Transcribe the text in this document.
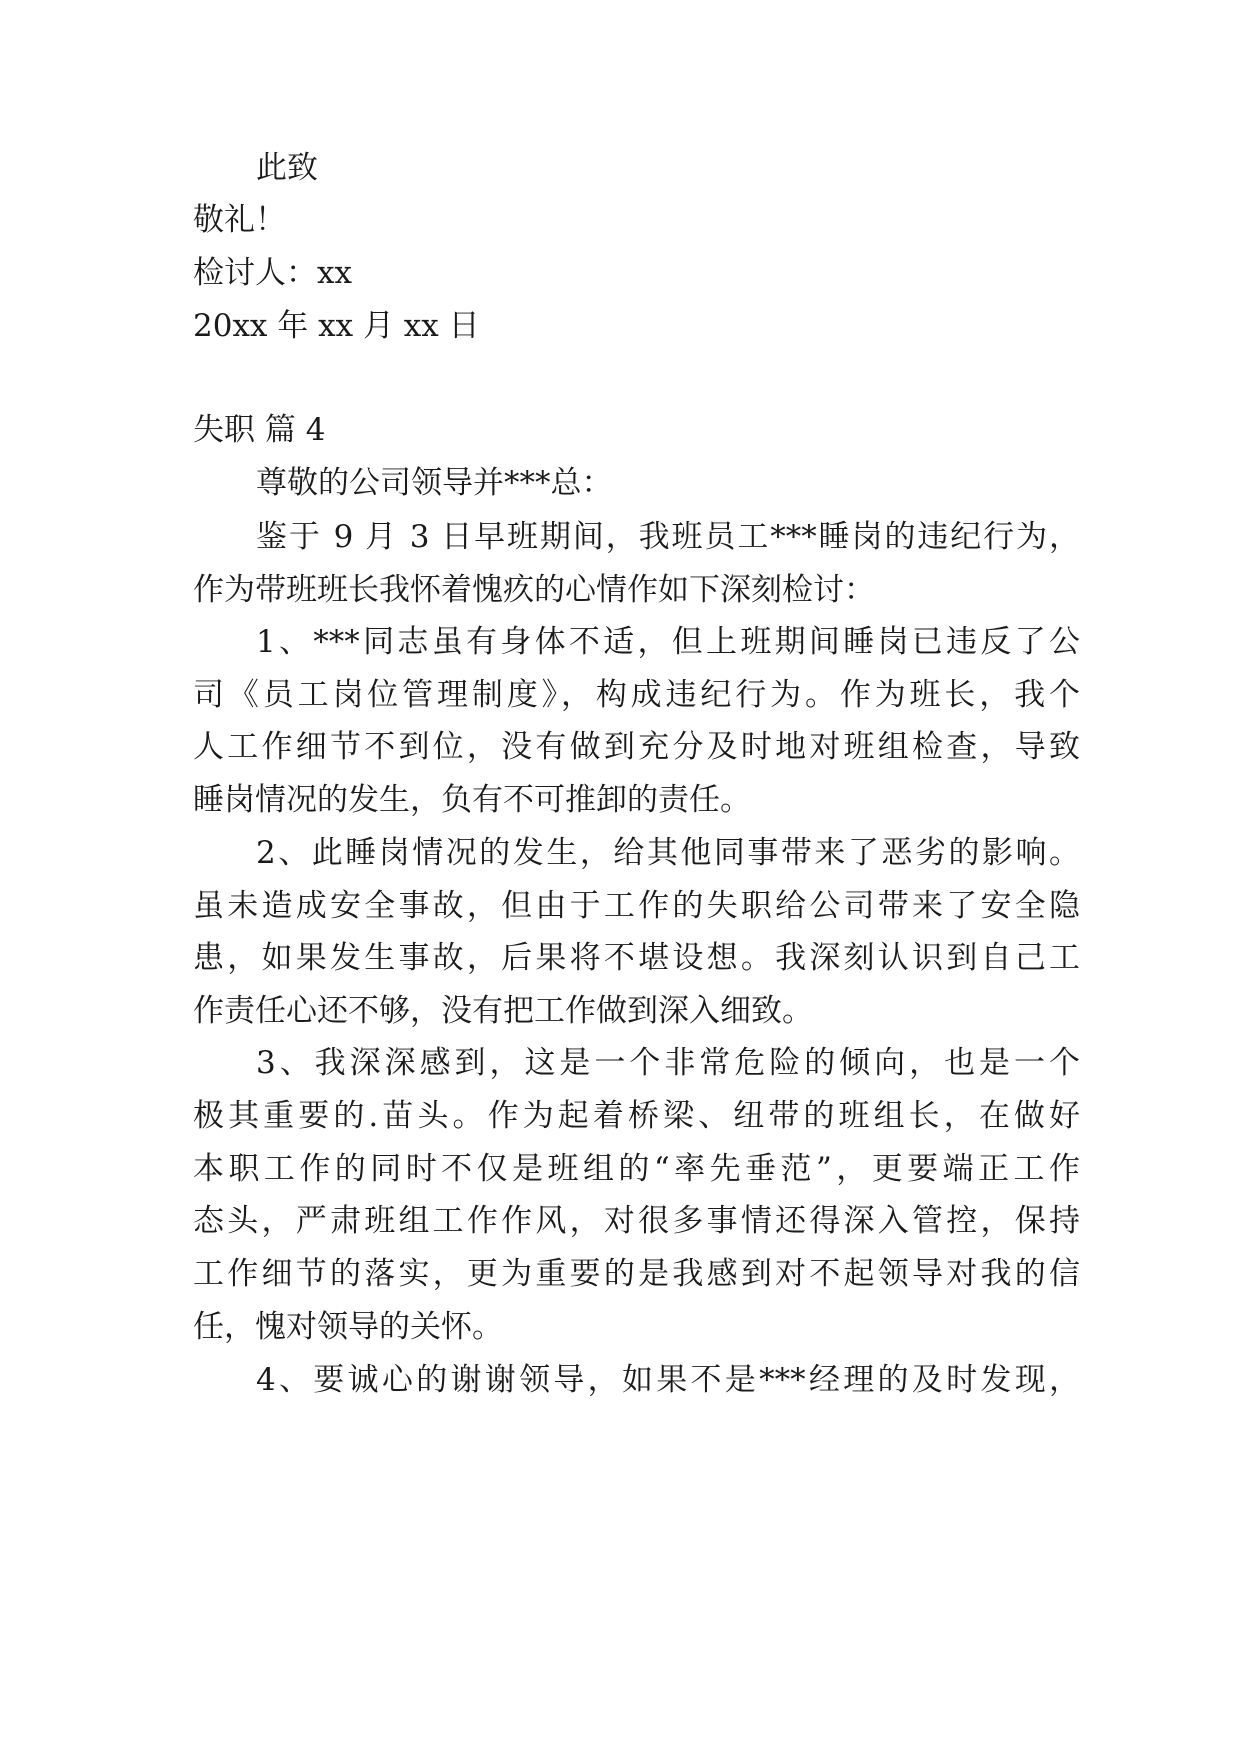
此致

敬礼！

检讨人：xx

20xx 年 xx 月 xx 日

失职 篇 4

尊敬的公司领导并***总：

鉴于 9 月 3 日早班期间，我班员工***睡岗的违纪行为，

作为带班班长我怀着愧疚的心情作如下深刻检讨：

1、***同志虽有身体不适，但上班期间睡岗已违反了公

司《员工岗位管理制度》，构成违纪行为。作为班长，我个

人工作细节不到位，没有做到充分及时地对班组检查，导致

睡岗情况的发生，负有不可推卸的责任。

2、此睡岗情况的发生，给其他同事带来了恶劣的影响。

虽未造成安全事故，但由于工作的失职给公司带来了安全隐

患，如果发生事故，后果将不堪设想。我深刻认识到自己工

作责任心还不够，没有把工作做到深入细致。

3、我深深感到，这是一个非常危险的倾向，也是一个

极其重要的.苗头。作为起着桥梁、纽带的班组长，在做好

本职工作的同时不仅是班组的“率先垂范”，更要端正工作

态头，严肃班组工作作风，对很多事情还得深入管控，保持

工作细节的落实，更为重要的是我感到对不起领导对我的信

任，愧对领导的关怀。

4、要诚心的谢谢领导，如果不是***经理的及时发现，
